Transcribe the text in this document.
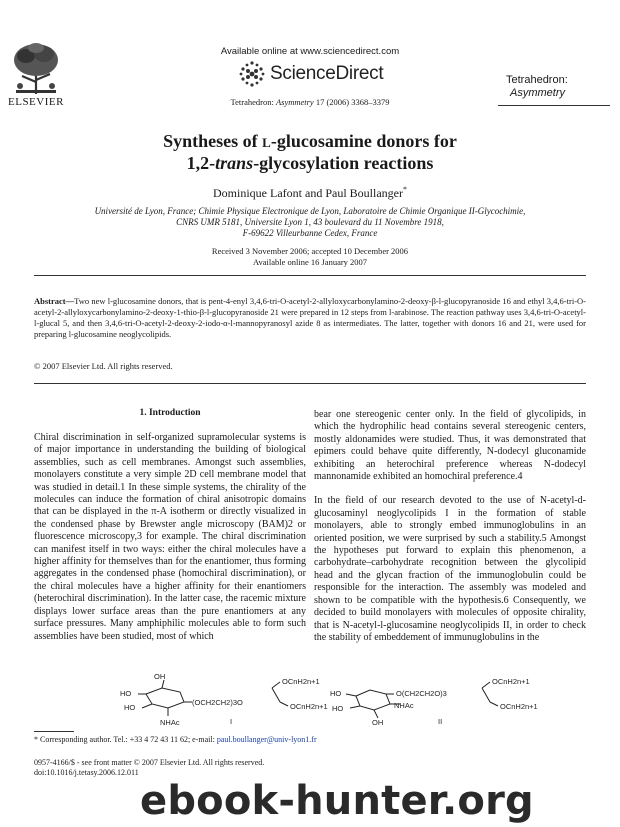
ELSEVIER
Available online at www.sciencedirect.com
ScienceDirect
Tetrahedron: Asymmetry 17 (2006) 3368–3379
Tetrahedron:
Asymmetry
Syntheses of l-glucosamine donors for
1,2-trans-glycosylation reactions
Dominique Lafont and Paul Boullanger*
Université de Lyon, France; Chimie Physique Electronique de Lyon, Laboratoire de Chimie Organique II-Glycochimie,
CNRS UMR 5181, Universite Lyon 1, 43 boulevard du 11 Novembre 1918,
F-69622 Villeurbanne Cedex, France
Received 3 November 2006; accepted 10 December 2006
Available online 16 January 2007
Abstract—Two new l-glucosamine donors, that is pent-4-enyl 3,4,6-tri-O-acetyl-2-allyloxycarbonylamino-2-deoxy-β-l-glucopyranoside 16 and ethyl 3,4,6-tri-O-acetyl-2-allyloxycarbonylamino-2-deoxy-1-thio-β-l-glucopyranoside 21 were prepared in 12 steps from l-arabinose. The reaction pathway uses 3,4,6-tri-O-acetyl-l-glucal 5, and then 3,4,6-tri-O-acetyl-2-deoxy-2-iodo-α-l-mannopyranosyl azide 8 as intermediates. The latter, together with donors 16 and 21, were used for preparing l-glucosamine neoglycolipids.
© 2007 Elsevier Ltd. All rights reserved.
1. Introduction
Chiral discrimination in self-organized supramolecular systems is of major importance in understanding the building of biological assemblies, such as cell membranes. Amongst such assemblies, monolayers constitute a very simple 2D cell membrane model that was studied in detail.1 In these simple systems, the chirality of the molecules can induce the formation of chiral anisotropic domains that can be displayed in the π-A isotherm or directly visualized in the condensed phase by Brewster angle microscopy (BAM)2 or fluorescence microscopy,3 for example. The chiral discrimination can manifest itself in two ways: either the chiral molecules have a higher affinity for themselves than for the enantiomer, thus forming aggregates in the condensed phase (homochiral discrimination), or the chiral molecules have a higher affinity for their enantiomers (heterochiral discrimination). In the latter case, the racemic mixture displays lower surface areas than the pure enantiomers at any surface pressures. Many amphiphilic molecules able to form such assemblies have been studied, most of which

bear one stereogenic center only. In the field of glycolipids, in which the hydrophilic head contains several stereogenic centers, mostly aldonamides were studied. Thus, it was demonstrated that epimers could behave quite differently, N-dodecyl gluconamide exhibiting an heterochiral preference whereas N-dodecyl mannonamide exhibited an homochiral preference.4

In the field of our research devoted to the use of N-acetyl-d-glucosaminyl neoglycolipids I in the formation of stable monolayers, able to strongly embed immunoglobulins in an oriented position, we were surprised by such a stability.5 Amongst the hypotheses put forward to explain this phenomenon, a carbohydrate–carbohydrate recognition between the glycolipid head and the glycan fraction of the immunoglobulin could be responsible for the interaction. The assembly was modeled and shown to be compatible with the hypothesis.6 Consequently, we decided to build monolayers with molecules of opposite chirality, that is N-acetyl-l-glucosamine neoglycolipids II, in order to check the stability of embeddement of immunuglobulins in the

OH
HO
HO
(OCH2CH2)3O
NHAc
OCnH2n+1
OCnH2n+1
I
HO
HO
O(CH2CH2O)3
NHAc
OH
OCnH2n+1
OCnH2n+1
II
* Corresponding author. Tel.: +33 4 72 43 11 62; e-mail: paul.boullanger@univ-lyon1.fr
0957-4166/$ - see front matter © 2007 Elsevier Ltd. All rights reserved.
doi:10.1016/j.tetasy.2006.12.011
ebook-hunter.org
